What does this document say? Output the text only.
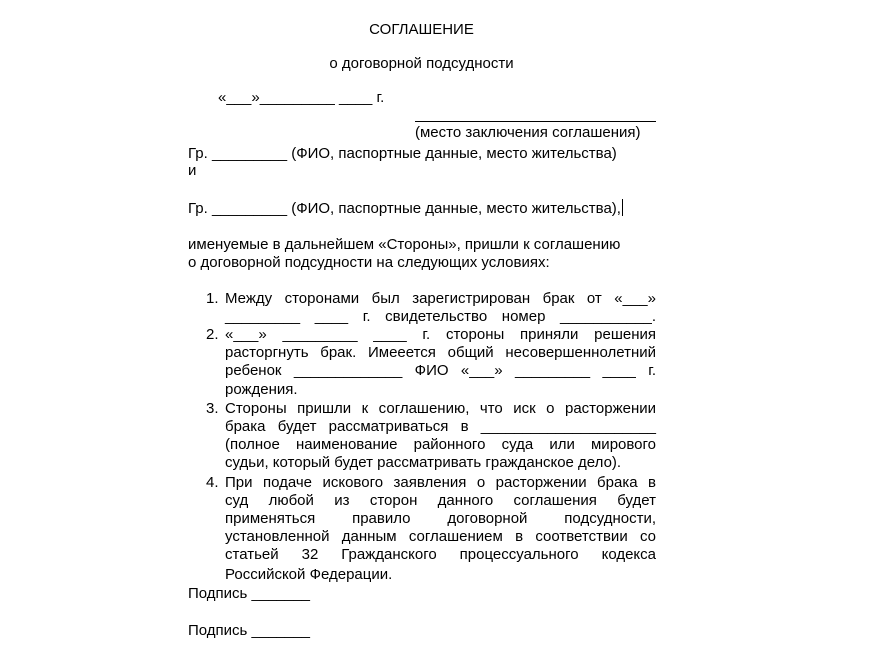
СОГЛАШЕНИЕ
о договорной подсудности
«___»_________ ____ г.
(место заключения соглашения)
Гр. _________ (ФИО, паспортные данные, место жительства)
и
Гр. _________ (ФИО, паспортные данные, место жительства),
именуемые в дальнейшем «Стороны», пришли к соглашению
о договорной подсудности на следующих условиях:
1. Между сторонами был зарегистрирован брак от «___»
_________ ____ г. свидетельство номер ___________.
2. «___» _________ ____ г. стороны приняли решения
расторгнуть брак. Имееется общий несовершеннолетний
ребенок _____________ ФИО «___» _________ ____ г.
рождения.
3. Стороны пришли к соглашению, что иск о расторжении
брака будет рассматриваться в _____________________
(полное наименование районного суда или мирового
судьи, который будет рассматривать гражданское дело).
4. При подаче искового заявления о расторжении брака в
суд любой из сторон данного соглашения будет
применяться правило договорной подсудности,
установленной данным соглашением в соответствии со
статьей 32 Гражданского процессуального кодекса
Российской Федерации.
Подпись _______
Подпись _______
